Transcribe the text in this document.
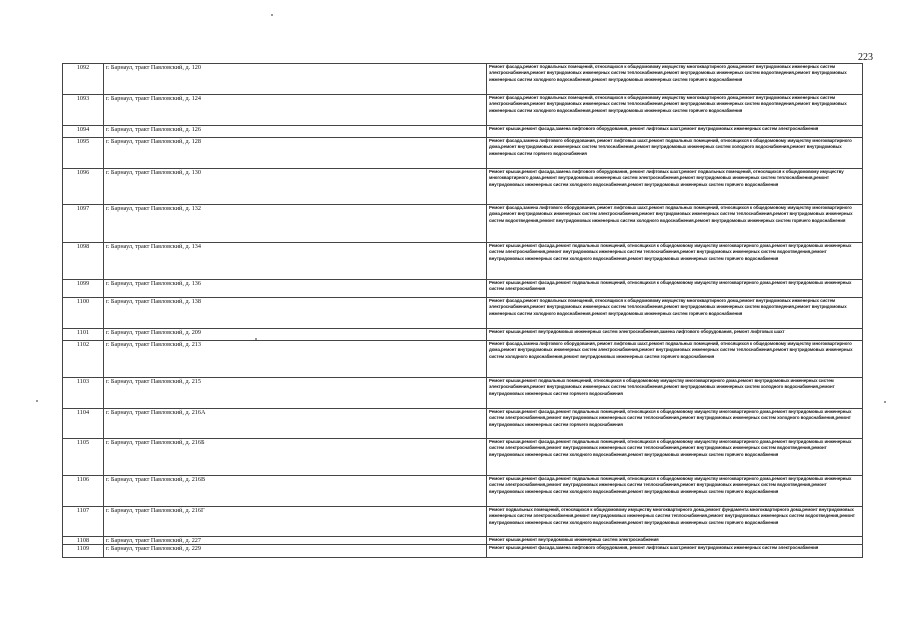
223
1092	г. Барнаул, тракт Павловский, д. 120	Ремонт фасада,ремонт подвальных помещений, относящихся к общедомовому имуществу многоквартирного дома,ремонт внутридомовых инженерных систем электроснабжения,ремонт внутридомовых инженерных систем теплоснабжения,ремонт внутридомовых инженерных систем водоотведения,ремонт внутридомовых инженерных систем холодного водоснабжения,ремонт внутридомовых инженерных систем горячего водоснабжения

1093	г. Барнаул, тракт Павловский, д. 124	Ремонт фасада,ремонт подвальных помещений, относящихся к общедомовому имуществу многоквартирного дома,ремонт внутридомовых инженерных систем электроснабжения,ремонт внутридомовых инженерных систем теплоснабжения,ремонт внутридомовых инженерных систем водоотведения,ремонт внутридомовых инженерных систем холодного водоснабжения,ремонт внутридомовых инженерных систем горячего водоснабжения

1094	г. Барнаул, тракт Павловский, д. 126	Ремонт крыши,ремонт фасада,замена лифтового оборудования, ремонт лифтовых шахт,ремонт внутридомовых инженерных систем электроснабжения

1095	г. Барнаул, тракт Павловский, д. 128	Ремонт фасада,замена лифтового оборудования, ремонт лифтовых шахт,ремонт подвальных помещений, относящихся к общедомовому имуществу многоквартирного дома,ремонт внутридомовых инженерных систем теплоснабжения,ремонт внутридомовых инженерных систем холодного водоснабжения,ремонт внутридомовых инженерных систем горячего водоснабжения

1096	г. Барнаул, тракт Павловский, д. 130	Ремонт крыши,ремонт фасада,замена лифтового оборудования, ремонт лифтовых шахт,ремонт подвальных помещений, относящихся к общедомовому имуществу многоквартирного дома,ремонт внутридомовых инженерных систем электроснабжения,ремонт внутридомовых инженерных систем теплоснабжения,ремонт внутридомовых инженерных систем холодного водоснабжения,ремонт внутридомовых инженерных систем горячего водоснабжения

1097	г. Барнаул, тракт Павловский, д. 132	Ремонт фасада,замена лифтового оборудования, ремонт лифтовых шахт,ремонт подвальных помещений, относящихся к общедомовому имуществу многоквартирного дома,ремонт внутридомовых инженерных систем электроснабжения,ремонт внутридомовых инженерных систем теплоснабжения,ремонт внутридомовых инженерных систем водоотведения,ремонт внутридомовых инженерных систем холодного водоснабжения,ремонт внутридомовых инженерных систем горячего водоснабжения

1098	г. Барнаул, тракт Павловский, д. 134	Ремонт крыши,ремонт фасада,ремонт подвальных помещений, относящихся к общедомовому имуществу многоквартирного дома,ремонт внутридомовых инженерных систем электроснабжения,ремонт внутридомовых инженерных систем теплоснабжения,ремонт внутридомовых инженерных систем водоотведения,ремонт внутридомовых инженерных систем холодного водоснабжения,ремонт внутридомовых инженерных систем горячего водоснабжения

1099	г. Барнаул, тракт Павловский, д. 136	Ремонт крыши,ремонт фасада,ремонт подвальных помещений, относящихся к общедомовому имуществу многоквартирного дома,ремонт внутридомовых инженерных систем электроснабжения

1100	г. Барнаул, тракт Павловский, д. 138	Ремонт фасада,ремонт подвальных помещений, относящихся к общедомовому имуществу многоквартирного дома,ремонт внутридомовых инженерных систем электроснабжения,ремонт внутридомовых инженерных систем теплоснабжения,ремонт внутридомовых инженерных систем водоотведения,ремонт внутридомовых инженерных систем холодного водоснабжения,ремонт внутридомовых инженерных систем горячего водоснабжения

1101	г. Барнаул, тракт Павловский, д. 209	Ремонт крыши,ремонт внутридомовых инженерных систем электроснабжения,замена лифтового оборудования, ремонт лифтовых шахт

1102	г. Барнаул, тракт Павловский, д. 213	Ремонт фасада,замена лифтового оборудования, ремонт лифтовых шахт,ремонт подвальных помещений, относящихся к общедомовому имуществу многоквартирного дома,ремонт внутридомовых инженерных систем электроснабжения,ремонт внутридомовых инженерных систем теплоснабжения,ремонт внутридомовых инженерных систем холодного водоснабжения,ремонт внутридомовых инженерных систем горячего водоснабжения

1103	г. Барнаул, тракт Павловский, д. 215	Ремонт крыши,ремонт подвальных помещений, относящихся к общедомовому имуществу многоквартирного дома,ремонт внутридомовых инженерных систем электроснабжения,ремонт внутридомовых инженерных систем теплоснабжения,ремонт внутридомовых инженерных систем холодного водоснабжения,ремонт внутридомовых инженерных систем горячего водоснабжения

1104	г. Барнаул, тракт Павловский, д. 216А	Ремонт крыши,ремонт фасада,ремонт подвальных помещений, относящихся к общедомовому имуществу многоквартирного дома,ремонт внутридомовых инженерных систем электроснабжения,ремонт внутридомовых инженерных систем теплоснабжения,ремонт внутридомовых инженерных систем холодного водоснабжения,ремонт внутридомовых инженерных систем горячего водоснабжения

1105	г. Барнаул, тракт Павловский, д. 216Б	Ремонт крыши,ремонт фасада,ремонт подвальных помещений, относящихся к общедомовому имуществу многоквартирного дома,ремонт внутридомовых инженерных систем электроснабжения,ремонт внутридомовых инженерных систем теплоснабжения,ремонт внутридомовых инженерных систем водоотведения,ремонт внутридомовых инженерных систем холодного водоснабжения,ремонт внутридомовых инженерных систем горячего водоснабжения

1106	г. Барнаул, тракт Павловский, д. 216В	Ремонт крыши,ремонт фасада,ремонт подвальных помещений, относящихся к общедомовому имуществу многоквартирного дома,ремонт внутридомовых инженерных систем электроснабжения,ремонт внутридомовых инженерных систем теплоснабжения,ремонт внутридомовых инженерных систем водоотведения,ремонт внутридомовых инженерных систем холодного водоснабжения,ремонт внутридомовых инженерных систем горячего водоснабжения

1107	г. Барнаул, тракт Павловский, д. 216Г	Ремонт подвальных помещений, относящихся к общедомовому имуществу многоквартирного дома,ремонт фундамента многоквартирного дома,ремонт внутридомовых инженерных систем электроснабжения,ремонт внутридомовых инженерных систем теплоснабжения,ремонт внутридомовых инженерных систем водоотведения,ремонт внутридомовых инженерных систем холодного водоснабжения,ремонт внутридомовых инженерных систем горячего водоснабжения

1108	г. Барнаул, тракт Павловский, д. 227	Ремонт крыши,ремонт внутридомовых инженерных систем электроснабжения

1109	г. Барнаул, тракт Павловский, д. 229	Ремонт крыши,ремонт фасада,замена лифтового оборудования, ремонт лифтовых шахт,ремонт внутридомовых инженерных систем электроснабжения
